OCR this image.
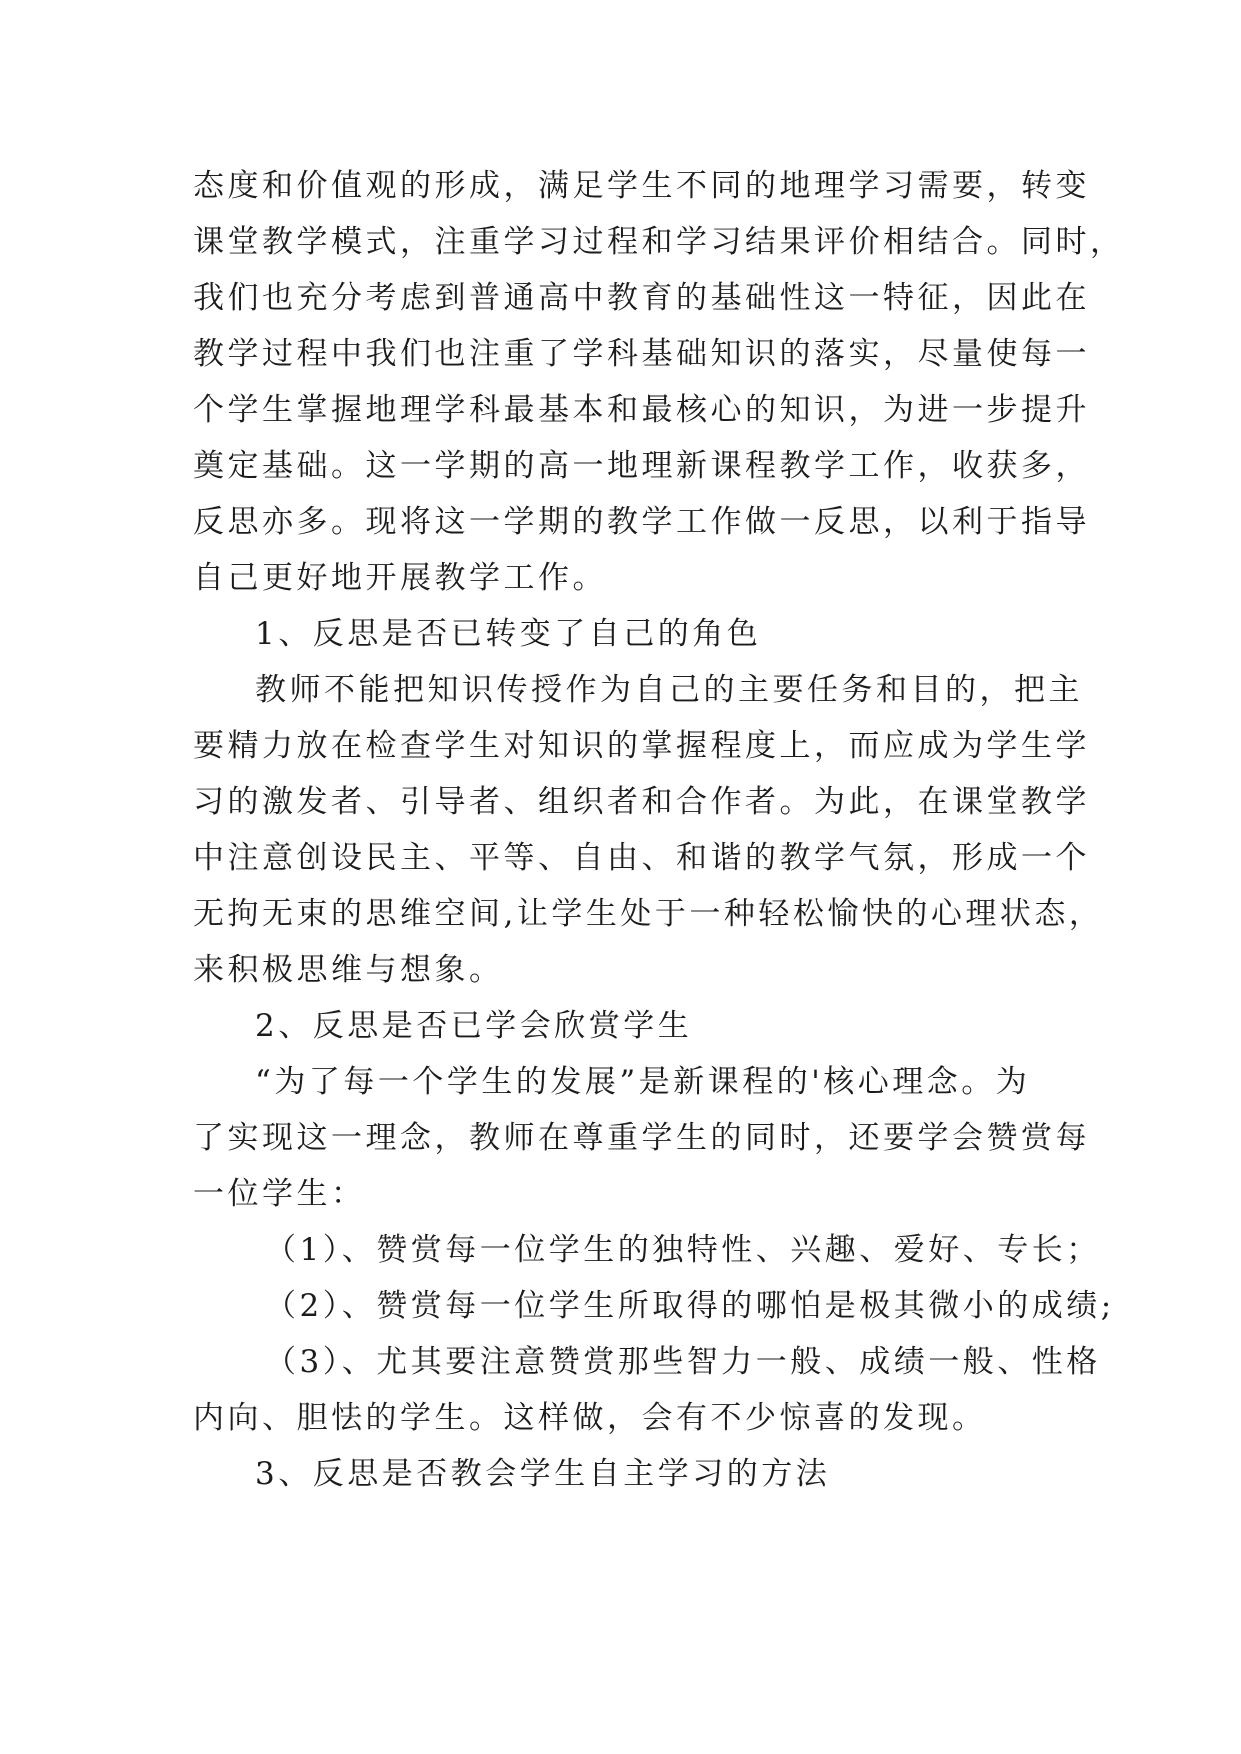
态度和价值观的形成，满足学生不同的地理学习需要，转变
课堂教学模式，注重学习过程和学习结果评价相结合。同时，
我们也充分考虑到普通高中教育的基础性这一特征，因此在
教学过程中我们也注重了学科基础知识的落实，尽量使每一
个学生掌握地理学科最基本和最核心的知识，为进一步提升
奠定基础。这一学期的高一地理新课程教学工作，收获多，
反思亦多。现将这一学期的教学工作做一反思，以利于指导
自己更好地开展教学工作。
1、反思是否已转变了自己的角色
教师不能把知识传授作为自己的主要任务和目的，把主
要精力放在检查学生对知识的掌握程度上，而应成为学生学
习的激发者、引导者、组织者和合作者。为此，在课堂教学
中注意创设民主、平等、自由、和谐的教学气氛，形成一个
无拘无束的思维空间,让学生处于一种轻松愉快的心理状态，
来积极思维与想象。
2、反思是否已学会欣赏学生
“为了每一个学生的发展”是新课程的'核心理念。为
了实现这一理念，教师在尊重学生的同时，还要学会赞赏每
一位学生：
（1）、赞赏每一位学生的独特性、兴趣、爱好、专长；
（2）、赞赏每一位学生所取得的哪怕是极其微小的成绩;
（3）、尤其要注意赞赏那些智力一般、成绩一般、性格
内向、胆怯的学生。这样做，会有不少惊喜的发现。
3、反思是否教会学生自主学习的方法
